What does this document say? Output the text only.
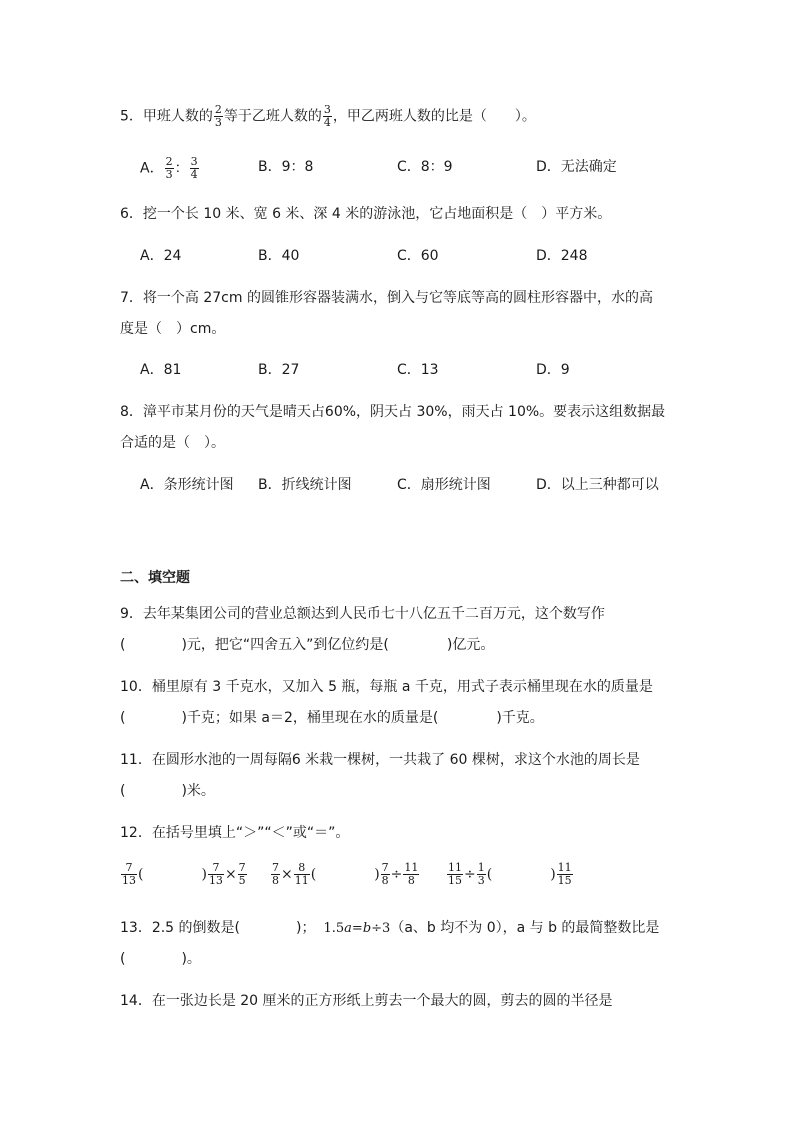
5．甲班人数的 $\frac{2}{3}$ 等于乙班人数的 $\frac{3}{4}$ ，甲乙两班人数的比是（　　）。
A． $\frac{2}{3}$ ： $\frac{3}{4}$	B．9：8	C．8：9	D．无法确定
6．挖一个长 10 米、宽 6 米、深 4 米的游泳池，它占地面积是（　）平方米。
A．24	B．40	C．60	D．248
7．将一个高 27cm 的圆锥形容器装满水，倒入与它等底等高的圆柱形容器中，水的高
度是（　）cm。
A．81	B．27	C．13	D．9
8．漳平市某月份的天气是晴天占60%，阴天占 30%，雨天占 10%。要表示这组数据最
合适的是（　）。
A．条形统计图 B．折线统计图	C．扇形统计图	D．以上三种都可以
二、填空题
9．去年某集团公司的营业总额达到人民币七十八亿五千二百万元，这个数写作
(	)元，把它“四舍五入”到亿位约是(	)亿元。
10．桶里原有 3 千克水，又加入 5 瓶，每瓶 a 千克，用式子表示桶里现在水的质量是
(	)千克；如果 a＝2，桶里现在水的质量是(	)千克。
11．在圆形水池的一周每隔6 米栽一棵树，一共栽了 60 棵树，求这个水池的周长是
(	)米。
12．在括号里填上“＞”“＜”或“＝”。
$\frac{7}{13}$ (	) $\frac{7}{13} \times \frac{7}{5} \frac{7}{8} \times \frac{8}{11}$ (	) $\frac{7}{8} \div \frac{11}{8}$	$\frac{11}{15} \div \frac{1}{3}$ (	) $\frac{11}{15}$
13．2.5 的倒数是(	)； 1.5a=b÷3（a、b 均不为 0），a 与 b 的最简整数比是
(	)。
14．在一张边长是 20 厘米的正方形纸上剪去一个最大的圆，剪去的圆的半径是
